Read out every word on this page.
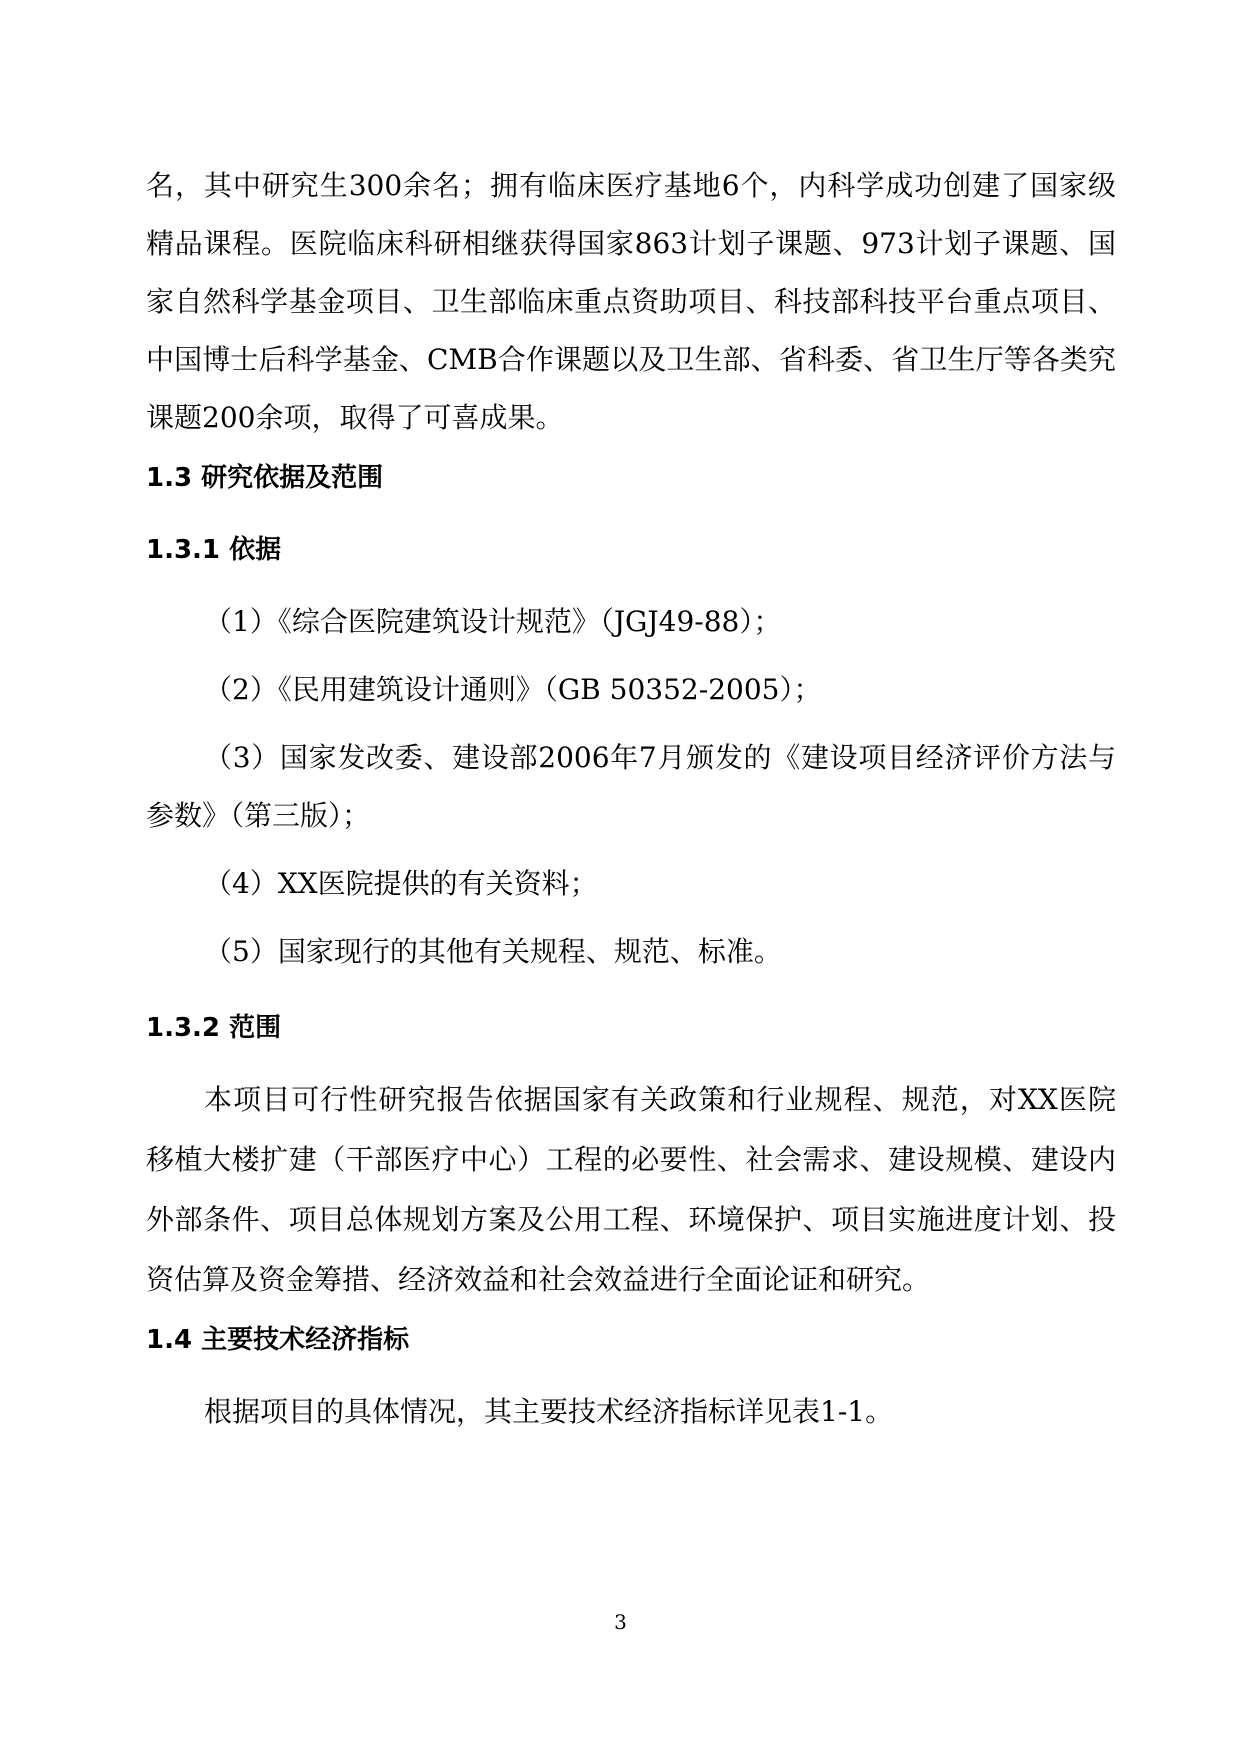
名，其中研究生300余名；拥有临床医疗基地6个，内科学成功创建了国家级
精品课程。医院临床科研相继获得国家863计划子课题、973计划子课题、国
家自然科学基金项目、卫生部临床重点资助项目、科技部科技平台重点项目、
中国博士后科学基金、CMB合作课题以及卫生部、省科委、省卫生厅等各类究
课题200余项，取得了可喜成果。
1.3 研究依据及范围
1.3.1 依据
（1）《综合医院建筑设计规范》（JGJ49-88）；
（2）《民用建筑设计通则》（GB 50352-2005）；
（3）国家发改委、建设部2006年7月颁发的《建设项目经济评价方法与
参数》（第三版）；
（4）XX医院提供的有关资料；
（5）国家现行的其他有关规程、规范、标准。
1.3.2 范围
本项目可行性研究报告依据国家有关政策和行业规程、规范，对XX医院
移植大楼扩建（干部医疗中心）工程的必要性、社会需求、建设规模、建设内
外部条件、项目总体规划方案及公用工程、环境保护、项目实施进度计划、投
资估算及资金筹措、经济效益和社会效益进行全面论证和研究。
1.4 主要技术经济指标
根据项目的具体情况，其主要技术经济指标详见表1-1。
3
